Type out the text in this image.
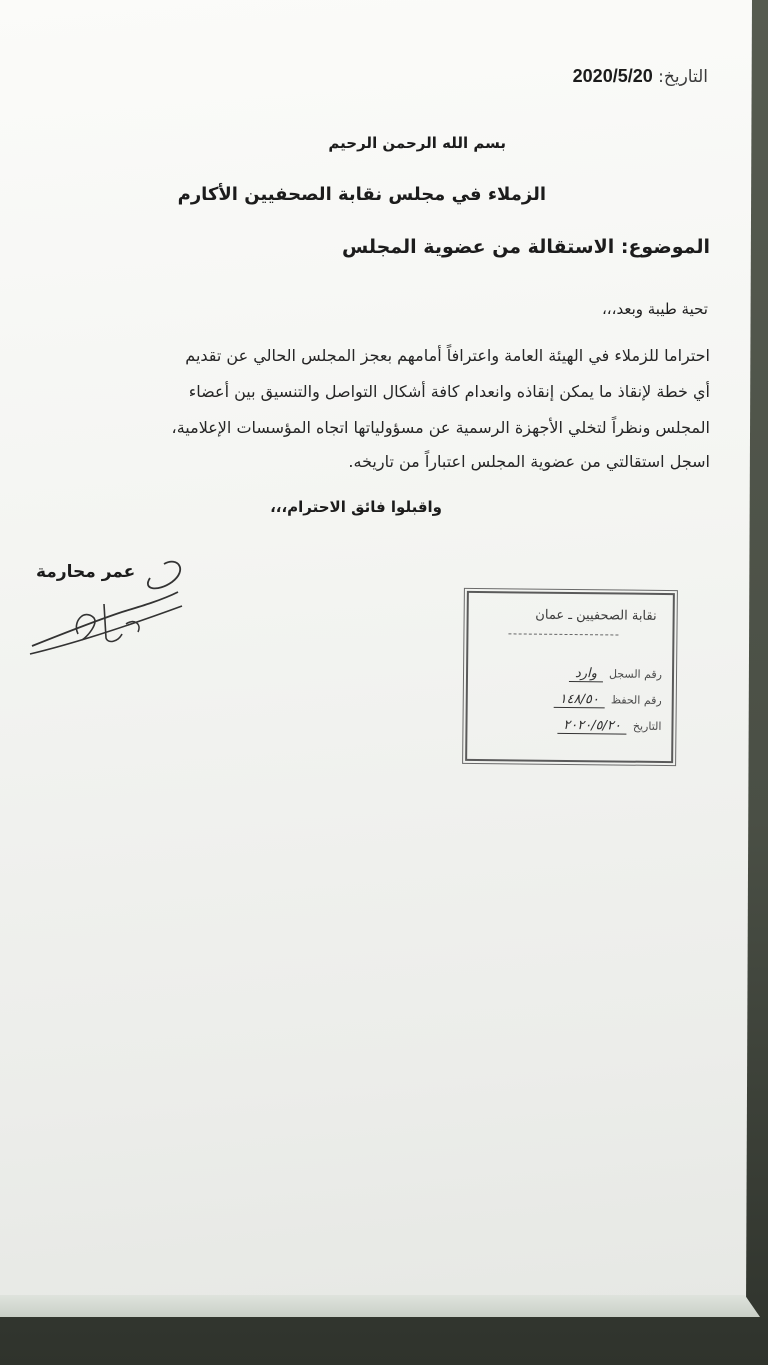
التاريخ: 2020/5/20
بسم الله الرحمن الرحيم
الزملاء في مجلس نقابة الصحفيين الأكارم
الموضوع: الاستقالة من عضوية المجلس
تحية طيبة وبعد،،،
احتراما للزملاء في الهيئة العامة واعترافاً أمامهم بعجز المجلس الحالي عن تقديم
أي خطة لإنقاذ ما يمكن إنقاذه وانعدام كافة أشكال التواصل والتنسيق بين أعضاء
المجلس ونظراً لتخلي الأجهزة الرسمية عن مسؤولياتها اتجاه المؤسسات الإعلامية،
اسجل استقالتي من عضوية المجلس اعتباراً من تاريخه.
واقبلوا فائق الاحترام،،،
عمر محارمة
نقابة الصحفيين ـ عمان
رقم السجل
وارد
رقم الحفظ
١٤٨/٥٠
التاريخ
٢٠٢٠/٥/٢٠
